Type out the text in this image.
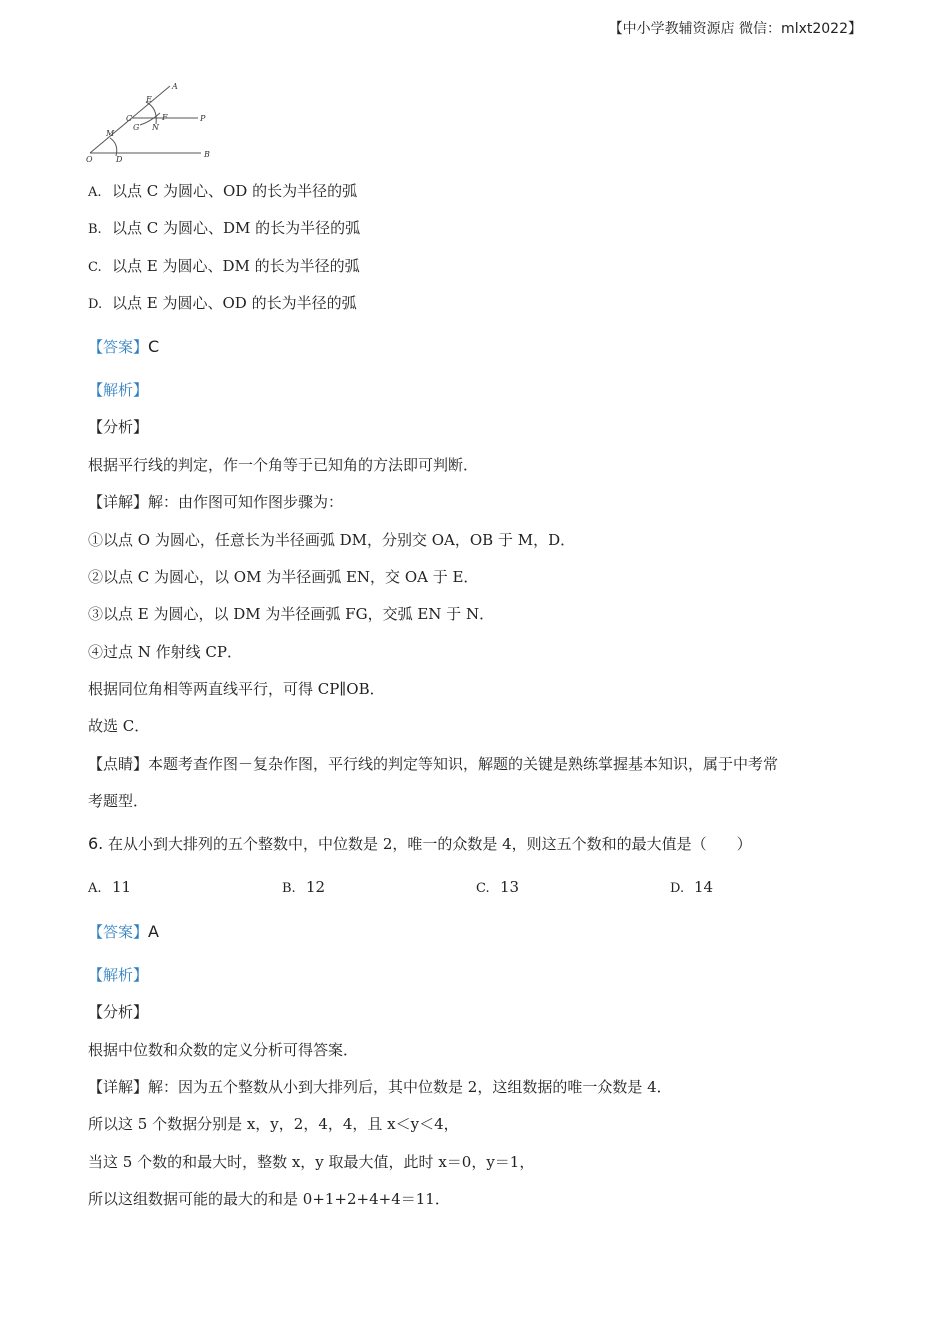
【中小学教辅资源店 微信：mlxt2022】
O	D
B
M
G N
F	P
C
E
A
A. 以点 C 为圆心、OD 的长为半径的弧
B. 以点 C 为圆心、DM 的长为半径的弧
C. 以点 E 为圆心、DM 的长为半径的弧
D. 以点 E 为圆心、OD 的长为半径的弧
【答案】C
【解析】
【分析】
根据平行线的判定，作一个角等于已知角的方法即可判断．
【详解】解：由作图可知作图步骤为：
①以点 O 为圆心，任意长为半径画弧 DM，分别交 OA，OB 于 M，D．
②以点 C 为圆心，以 OM 为半径画弧 EN，交 OA 于 E．
③以点 E 为圆心，以 DM 为半径画弧 FG，交弧 EN 于 N．
④过点 N 作射线 CP．
根据同位角相等两直线平行，可得 CP∥OB．
故选 C．
【点睛】本题考查作图－复杂作图，平行线的判定等知识，解题的关键是熟练掌握基本知识，属于中考常
考题型．
6. 在从小到大排列的五个整数中，中位数是 2，唯一的众数是 4，则这五个数和的最大值是（　　）
A. 11	B. 12	C. 13	D. 14
【答案】A
【解析】
【分析】
根据中位数和众数的定义分析可得答案．
【详解】解：因为五个整数从小到大排列后，其中位数是 2，这组数据的唯一众数是 4．
所以这 5 个数据分别是 x，y，2，4，4，且 x＜y＜4，
当这 5 个数的和最大时，整数 x，y 取最大值，此时 x＝0，y＝1，
所以这组数据可能的最大的和是 0+1+2+4+4＝11．
